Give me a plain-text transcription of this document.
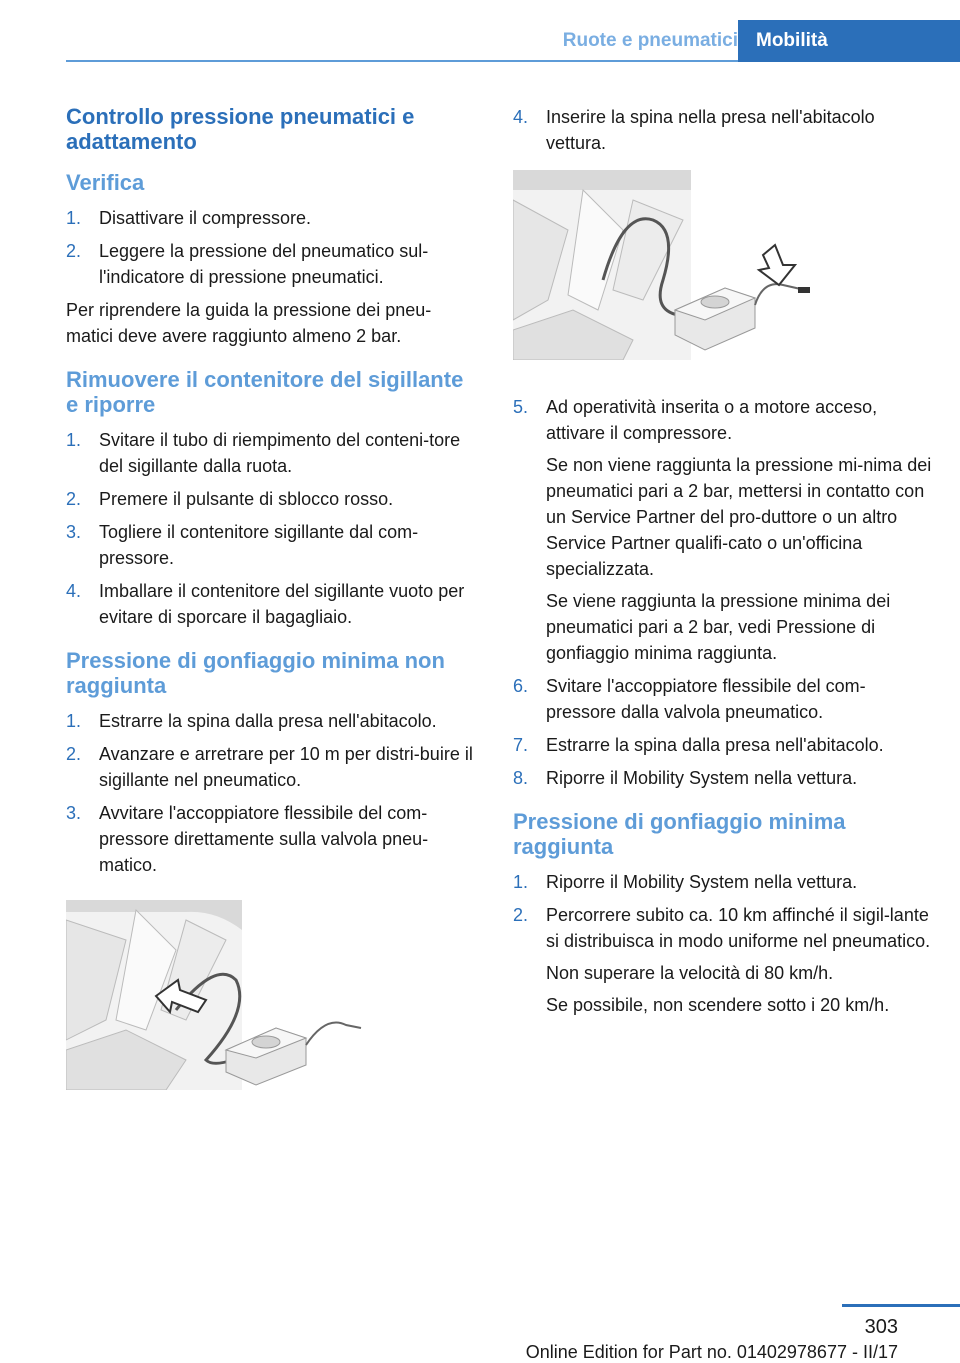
Ruote e pneumatici Mobilità
Controllo pressione pneumatici e adattamento
Verifica
1. Disattivare il compressore.
2. Leggere la pressione del pneumatico sul-l'indicatore di pressione pneumatici.

Per riprendere la guida la pressione dei pneu-matici deve avere raggiunto almeno 2 bar.

Rimuovere il contenitore del sigillante e riporre
1. Svitare il tubo di riempimento del conteni-tore del sigillante dalla ruota.
2. Premere il pulsante di sblocco rosso.
3. Togliere il contenitore sigillante dal com-pressore.
4. Imballare il contenitore del sigillante vuoto per evitare di sporcare il bagagliaio.
Pressione di gonfiaggio minima non raggiunta
1. Estrarre la spina dalla presa nell'abitacolo.
2. Avanzare e arretrare per 10 m per distri-buire il sigillante nel pneumatico.
3. Avvitare l'accoppiatore flessibile del com-pressore direttamente sulla valvola pneu-matico.
4. Inserire la spina nella presa nell'abitacolo vettura.
5. Ad operatività inserita o a motore acceso, attivare il compressore.
Se non viene raggiunta la pressione mi-nima dei pneumatici pari a 2 bar, mettersi in contatto con un Service Partner del pro-duttore o un altro Service Partner qualifi-cato o un'officina specializzata.
Se viene raggiunta la pressione minima dei pneumatici pari a 2 bar, vedi Pressione di gonfiaggio minima raggiunta.
6. Svitare l'accoppiatore flessibile del com-pressore dalla valvola pneumatico.
7. Estrarre la spina dalla presa nell'abitacolo.
8. Riporre il Mobility System nella vettura.
Pressione di gonfiaggio minima raggiunta
1. Riporre il Mobility System nella vettura.
2. Percorrere subito ca. 10 km affinché il sigil-lante si distribuisca in modo uniforme nel pneumatico.
Non superare la velocità di 80 km/h.
Se possibile, non scendere sotto i 20 km/h.
303
Online Edition for Part no. 01402978677 - II/17
